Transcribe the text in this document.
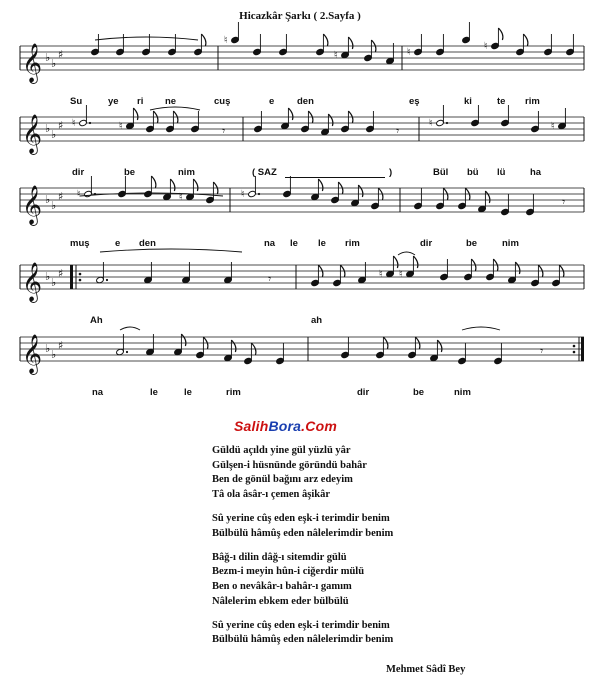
Hicazkâr Şarkı ( 2.Sayfa )
𝄞 ♭ ♭
♯
♮
♮	♮
♮
𝄞 ♭ ♭
♯ ♮	♮	𝄾	𝄾
♮	♮
𝄞 ♭ ♭
♯ ♮	♮	♮
𝄾
𝄞 ♭ ♭
♯	𝄾	♮ ♮
𝄞 ♭ ♭
♯	𝄾
Su	ye ri ne	cuş	e den	eş	ki	te rim
dir	be	nim	( SAZ	)	Bül bü lü	ha
muş	e den	na le le rim	dir	be	nim
Ah	ah
na	le	le	rim	dir	be	nim
SalihBora.Com
Güldü açıldı yine gül yüzlü yâr
Gülşen-i hüsnünde göründü bahâr
Ben de gönül bağını arz edeyim
Tâ ola âsâr-ı çemen âşikâr
Sû yerine cûş eden eşk-i terimdir benim
Bülbülü hâmûş eden nâlelerimdir benim
Bâğ-ı dilin dâğ-ı sitemdir gülü
Bezm-i meyin hûn-i ciğerdir mülü
Ben o nevâkâr-ı bahâr-ı gamım
Nâlelerim ebkem eder bülbülü
Sû yerine cûş eden eşk-i terimdir benim
Bülbülü hâmûş eden nâlelerimdir benim
Mehmet Sâdî Bey
